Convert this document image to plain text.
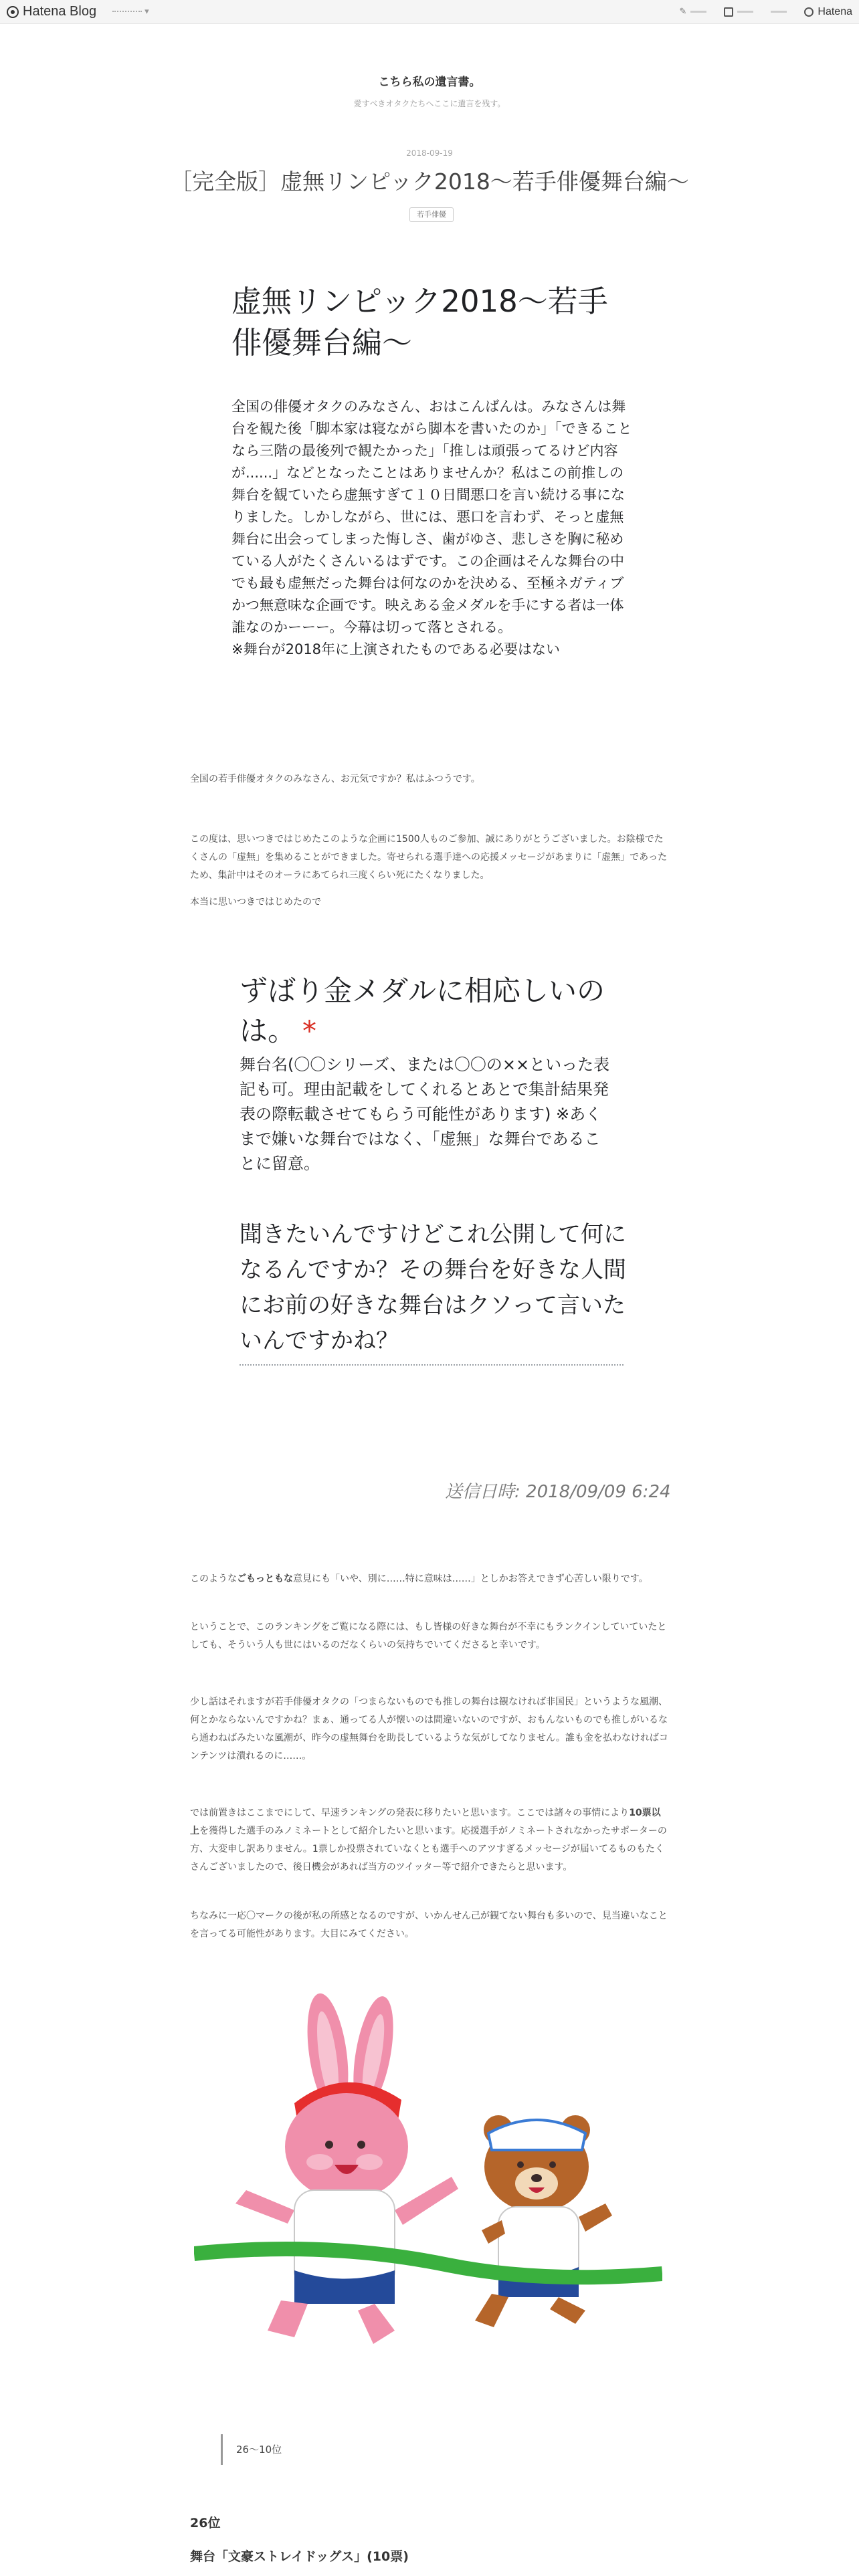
Hatena Blog	▾	✎	Hatena
こちら私の遺言書。
愛すべきオタクたちへここに遺言を残す。
2018-09-19
［完全版］虚無リンピック2018〜若手俳優舞台編〜
若手俳優
虚無リンピック2018〜若手俳優舞台編〜
全国の俳優オタクのみなさん、おはこんばんは。みなさんは舞台を観た後「脚本家は寝ながら脚本を書いたのか」「できることなら三階の最後列で観たかった」「推しは頑張ってるけど内容が......」などとなったことはありませんか？私はこの前推しの舞台を観ていたら虚無すぎて１０日間悪口を言い続ける事になりました。しかしながら、世には、悪口を言わず、そっと虚無舞台に出会ってしまった悔しさ、歯がゆさ、悲しさを胸に秘めている人がたくさんいるはずです。この企画はそんな舞台の中でも最も虚無だった舞台は何なのかを決める、至極ネガティブかつ無意味な企画です。映えある金メダルを手にする者は一体誰なのかーーー。今幕は切って落とされる。
※舞台が2018年に上演されたものである必要はない
全国の若手俳優オタクのみなさん、お元気ですか？私はふつうです。
この度は、思いつきではじめたこのような企画に1500人ものご参加、誠にありがとうございました。お陰様でたくさんの「虚無」を集めることができました。寄せられる選手達への応援メッセージがあまりに「虚無」であったため、集計中はそのオーラにあてられ三度くらい死にたくなりました。
本当に思いつきではじめたので
ずばり金メダルに相応しいのは。 *
舞台名(〇〇シリーズ、または〇〇の××といった表記も可。理由記載をしてくれるとあとで集計結果発表の際転載させてもらう可能性があります) ※あくまで嫌いな舞台ではなく、「虚無」な舞台であることに留意。
聞きたいんですけどこれ公開して何になるんですか？その舞台を好きな人間にお前の好きな舞台はクソって言いたいんですかね？
送信日時: 2018/09/09 6:24
このようなごもっともな意見にも「いや、別に……特に意味は……」としかお答えできず心苦しい限りです。
ということで、このランキングをご覧になる際には、もし皆様の好きな舞台が不幸にもランクインしていていたとしても、そういう人も世にはいるのだなくらいの気持ちでいてくださると幸いです。
少し話はそれますが若手俳優オタクの「つまらないものでも推しの舞台は観なければ非国民」というような風潮、何とかならないんですかね？まぁ、通ってる人が懐いのは間違いないのですが、おもんないものでも推しがいるなら通わねばみたいな風潮が、昨今の虚無舞台を助長しているような気がしてなりません。誰も金を払わなければコンテンツは潰れるのに……。
では前置きはここまでにして、早速ランキングの発表に移りたいと思います。ここでは諸々の事情により10票以上を獲得した選手のみノミネートとして紹介したいと思います。応援選手がノミネートされなかったサポーターの方、大変申し訳ありません。1票しか投票されていなくとも選手へのアツすぎるメッセージが届いてるものもたくさんございましたので、後日機会があれば当方のツイッター等で紹介できたらと思います。
ちなみに一応〇マークの後が私の所感となるのですが、いかんせん己が観てない舞台も多いので、見当違いなことを言ってる可能性があります。大目にみてください。
26〜10位
26位
舞台「文豪ストレイドッグス」(10票)
